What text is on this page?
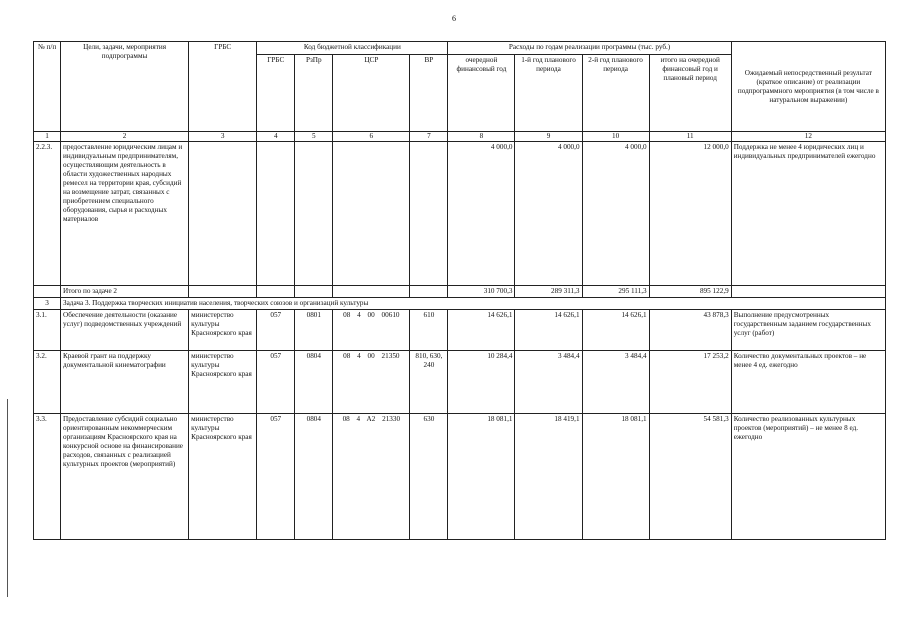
6
№ п/п	Цели, задачи, мероприятия подпрограммы	ГРБС	Код бюджетной классификации				Расходы по годам реализации программы (тыс. руб.)				Ожидаемый непосредственный результат (краткое описание) от реализации подпрограммного мероприятия (в том числе в натуральном выражении)
			ГРБС	РзПр	ЦСР	ВР	очередной финансовый год	1-й год планового периода	2-й год планового периода	итого на очередной финансовый год и плановый период	
1	2	3	4	5	6	7	8	9	10	11	12
2.2.3.	предоставление юридическим лицам и индивидуальным предпринимателям, осуществляющим деятельность в области художественных народных ремесел на территории края, субсидий на возмещение затрат, связанных с приобретением специального оборудования, сырья и расходных материалов						4 000,0	4 000,0	4 000,0	12 000,0	Поддержка не менее 4 юридических лиц и индивидуальных предпринимателей ежегодно
	Итого по задаче 2						310 700,3	289 311,3	295 111,3	895 122,9	
3	Задача 3. Поддержка творческих инициатив населения, творческих союзов и организаций культуры										
3.1.	Обеспечение деятельности (оказание услуг) подведомственных учреждений	министерство культуры Красноярского края	057	0801	08 4 00 00610	610	14 626,1	14 626,1	14 626,1	43 878,3	Выполнение предусмотренных государственным заданием государственных услуг (работ)
3.2.	Краевой грант на поддержку документальной кинематографии	министерство культуры Красноярского края	057	0804	08 4 00 21350	810, 630, 240	10 284,4	3 484,4	3 484,4	17 253,2	Количество документальных проектов – не менее 4 ед. ежегодно
3.3.	Предоставление субсидий социально ориентированным некоммерческим организациям Красноярского края на конкурсной основе на финансирование расходов, связанных с реализацией культурных проектов (мероприятий)	министерство культуры Красноярского края	057	0804	08 4 A2 21330	630	18 081,1	18 419,1	18 081,1	54 581,3	Количество реализованных культурных проектов (мероприятий) – не менее 8 ед. ежегодно
